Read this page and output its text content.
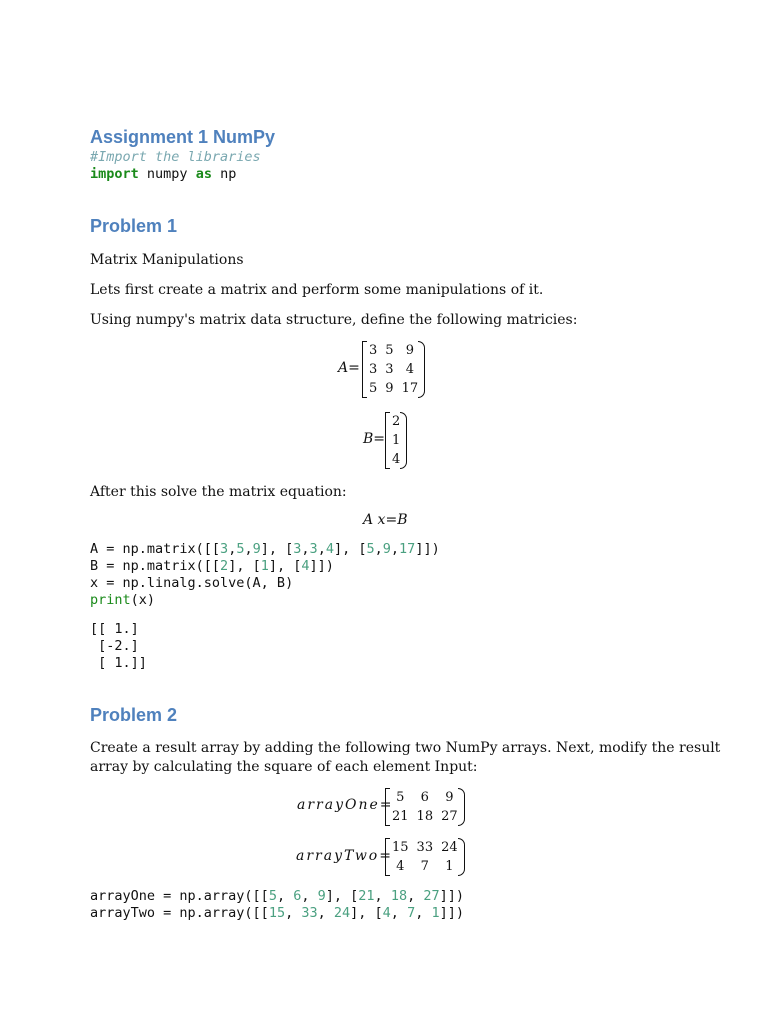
Assignment 1 NumPy
#Import the libraries
import numpy as np
Problem 1
Matrix Manipulations
Lets first create a matrix and perform some manipulations of it.
Using numpy's matrix data structure, define the following matricies:
A=
3	5	9
3	3	4
5	9	17
B=
2
1
4
After this solve the matrix equation:
A x=B
A = np.matrix([[3,5,9], [3,3,4], [5,9,17]])
B = np.matrix([[2], [1], [4]])
x = np.linalg.solve(A, B)
print(x)
[[ 1.]
[-2.]
[ 1.]]
Problem 2
Create a result array by adding the following two NumPy arrays. Next, modify the result
array by calculating the square of each element Input:
arrayOne= 5	6	9
21	18	27
arrayTwo=
15	33	24
4	7	1
arrayOne = np.array([[5, 6, 9], [21, 18, 27]])
arrayTwo = np.array([[15, 33, 24], [4, 7, 1]])
